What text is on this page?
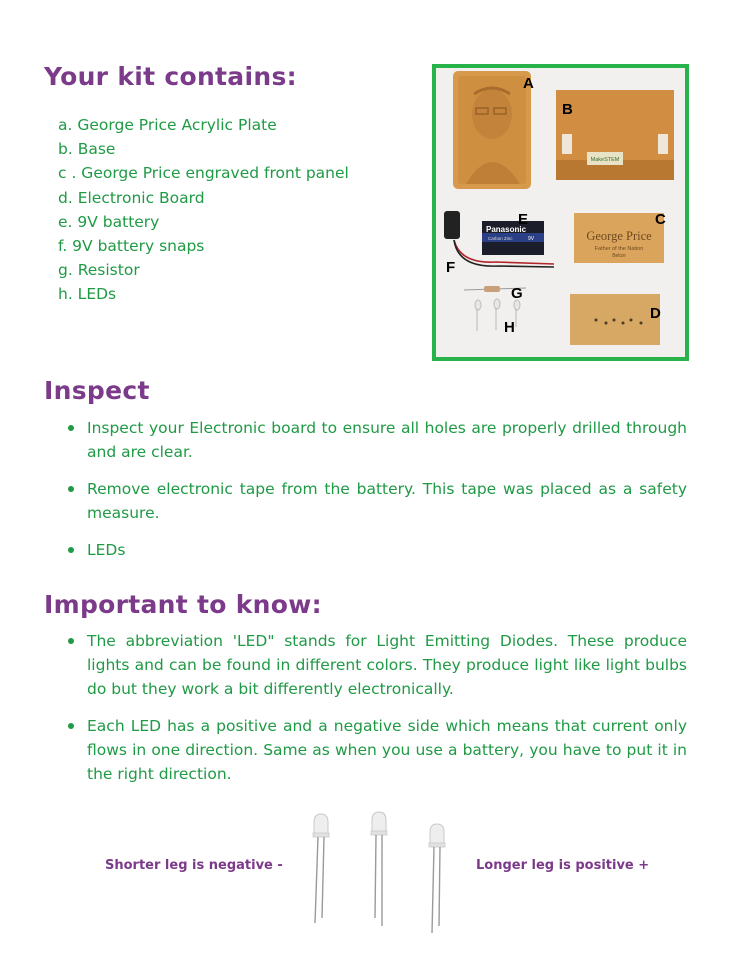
Your kit contains:
a. George Price Acrylic Plate
b. Base
c . George Price engraved front panel
d. Electronic Board
e. 9V battery
f. 9V battery snaps
g. Resistor
h. LEDs
MakeSTEM
Panasonic
Carbon Zinc	9V	George Price
Father of the Nation
Belize
A
B
C
D
E
F
G
H
Inspect
Inspect your Electronic board to ensure all holes are properly drilled through and are clear.
Remove electronic tape from the battery. This tape was placed as a safety measure.
LEDs
Important to know:
The abbreviation 'LED" stands for Light Emitting Diodes. These produce lights and can be found in different colors. They produce light like light bulbs do but they work a bit differently electronically.
Each LED has a positive and a negative side which means that current only flows in one direction. Same as when you use a battery, you have to put it in the right direction.
Shorter leg is negative -	Longer leg is positive +
